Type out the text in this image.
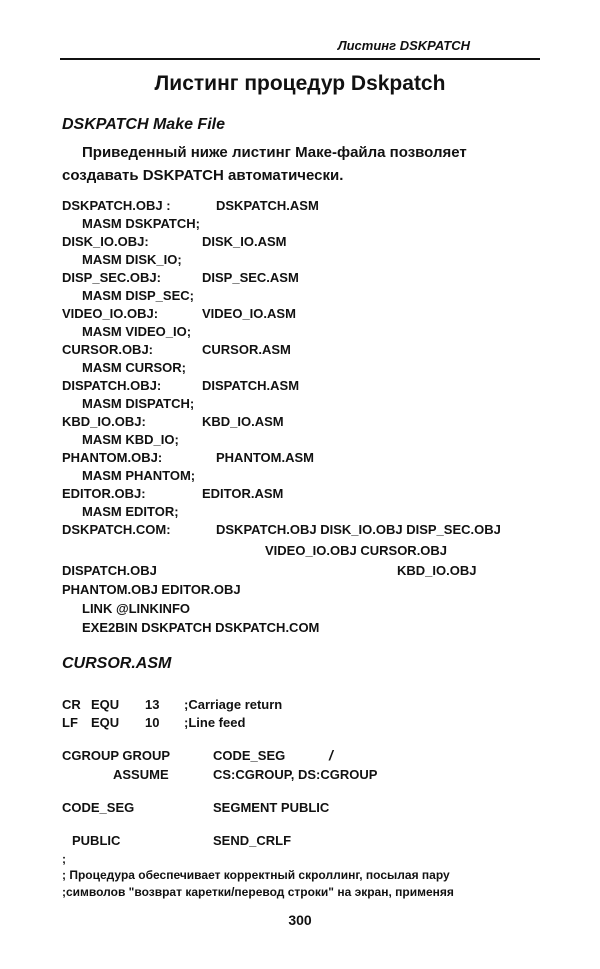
Листинг DSKPATCH
Листинг процедур Dskpatch
DSKPATCH Make File
Приведенный ниже листинг Маке-файла позволяет
создавать DSKPATCH автоматически.
DSKPATCH.OBJ :	DSKPATCH.ASM
MASM DSKPATCH;
DISK_IO.OBJ:	DISK_IO.ASM
MASM DISK_IO;
DISP_SEC.OBJ:	DISP_SEC.ASM
MASM DISP_SEC;
VIDEO_IO.OBJ:	VIDEO_IO.ASM
MASM VIDEO_IO;
CURSOR.OBJ:	CURSOR.ASM
MASM CURSOR;
DISPATCH.OBJ:	DISPATCH.ASM
MASM DISPATCH;
KBD_IO.OBJ:	KBD_IO.ASM
MASM KBD_IO;
PHANTOM.OBJ:	PHANTOM.ASM
MASM PHANTOM;
EDITOR.OBJ:	EDITOR.ASM
MASM EDITOR;
DSKPATCH.COM:	DSKPATCH.OBJ DISK_IO.OBJ DISP_SEC.OBJ
VIDEO_IO.OBJ CURSOR.OBJ
DISPATCH.OBJ	KBD_IO.OBJ
PHANTOM.OBJ EDITOR.OBJ
LINK @LINKINFO
EXE2BIN DSKPATCH DSKPATCH.COM
CURSOR.ASM
CR EQU 13 ;Carriage return
LF EQU 10 ;Line feed
CGROUP GROUP	CODE_SEG	/
ASSUME	CS:CGROUP, DS:CGROUP
CODE_SEG	SEGMENT PUBLIC
PUBLIC	SEND_CRLF
;
; Процедура обеспечивает корректный скроллинг, посылая пару
;символов "возврат каретки/перевод строки" на экран, применяя
300
